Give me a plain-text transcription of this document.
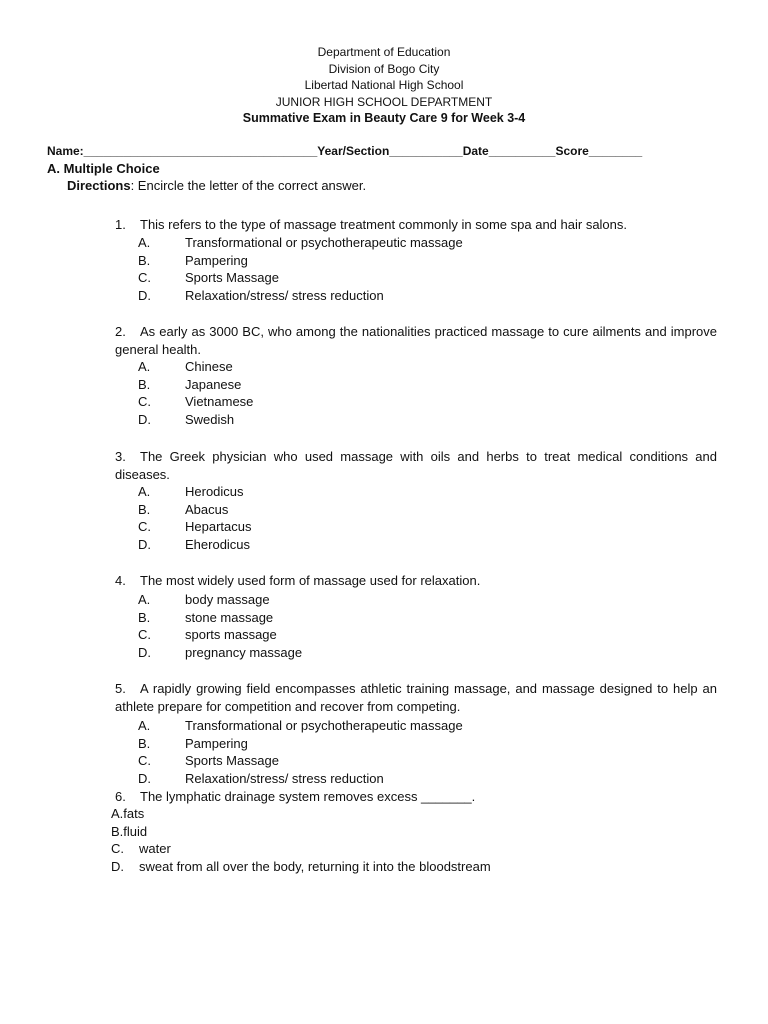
Department of Education
Division of Bogo City
Libertad National High School
JUNIOR HIGH SCHOOL DEPARTMENT
Summative Exam in Beauty Care 9 for Week 3-4
Name:___________________________________Year/Section___________Date__________Score________
A. Multiple Choice
Directions: Encircle the letter of the correct answer.
1. This refers to the type of massage treatment commonly in some spa and hair salons.
A.	Transformational or psychotherapeutic massage
B.	Pampering
C.	Sports Massage
D.	Relaxation/stress/ stress reduction
2. As early as 3000 BC, who among the nationalities practiced massage to cure ailments and improve general health.
A.	Chinese
B.	Japanese
C.	Vietnamese
D.	Swedish
3. The Greek physician who used massage with oils and herbs to treat medical conditions and diseases.
A.	Herodicus
B.	Abacus
C.	Hepartacus
D.	Eherodicus
4. The most widely used form of massage used for relaxation.
A.	body massage
B.	stone massage
C.	sports massage
D.	pregnancy massage
5. A rapidly growing field encompasses athletic training massage, and massage designed to help an athlete prepare for competition and recover from competing.
A.	Transformational or psychotherapeutic massage
B.	Pampering
C.	Sports Massage
D.	Relaxation/stress/ stress reduction
6. The lymphatic drainage system removes excess _______.
A.fats
B.fluid
C. water
D. sweat from all over the body, returning it into the bloodstream
